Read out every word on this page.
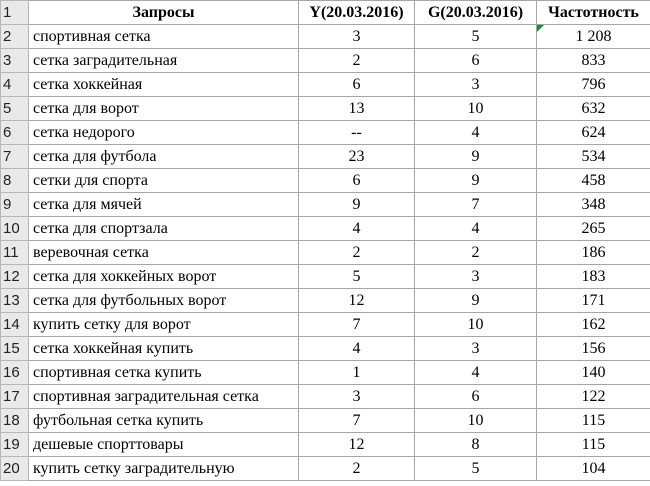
1	Запросы	Y(20.03.2016)	G(20.03.2016)	Частотность
2	спортивная сетка	3	5	1 208
3	сетка заградительная	2	6	833
4	сетка хоккейная	6	3	796
5	сетка для ворот	13	10	632
6	сетка недорого	--	4	624
7	сетка для футбола	23	9	534
8	сетки для спорта	6	9	458
9	сетка для мячей	9	7	348
10	сетка для спортзала	4	4	265
11	веревочная сетка	2	2	186
12	сетка для хоккейных ворот	5	3	183
13	сетка для футбольных ворот	12	9	171
14	купить сетку для ворот	7	10	162
15	сетка хоккейная купить	4	3	156
16	спортивная сетка купить	1	4	140
17	спортивная заградительная сетка	3	6	122
18	футбольная сетка купить	7	10	115
19	дешевые спорттовары	12	8	115
20	купить сетку заградительную	2	5	104
